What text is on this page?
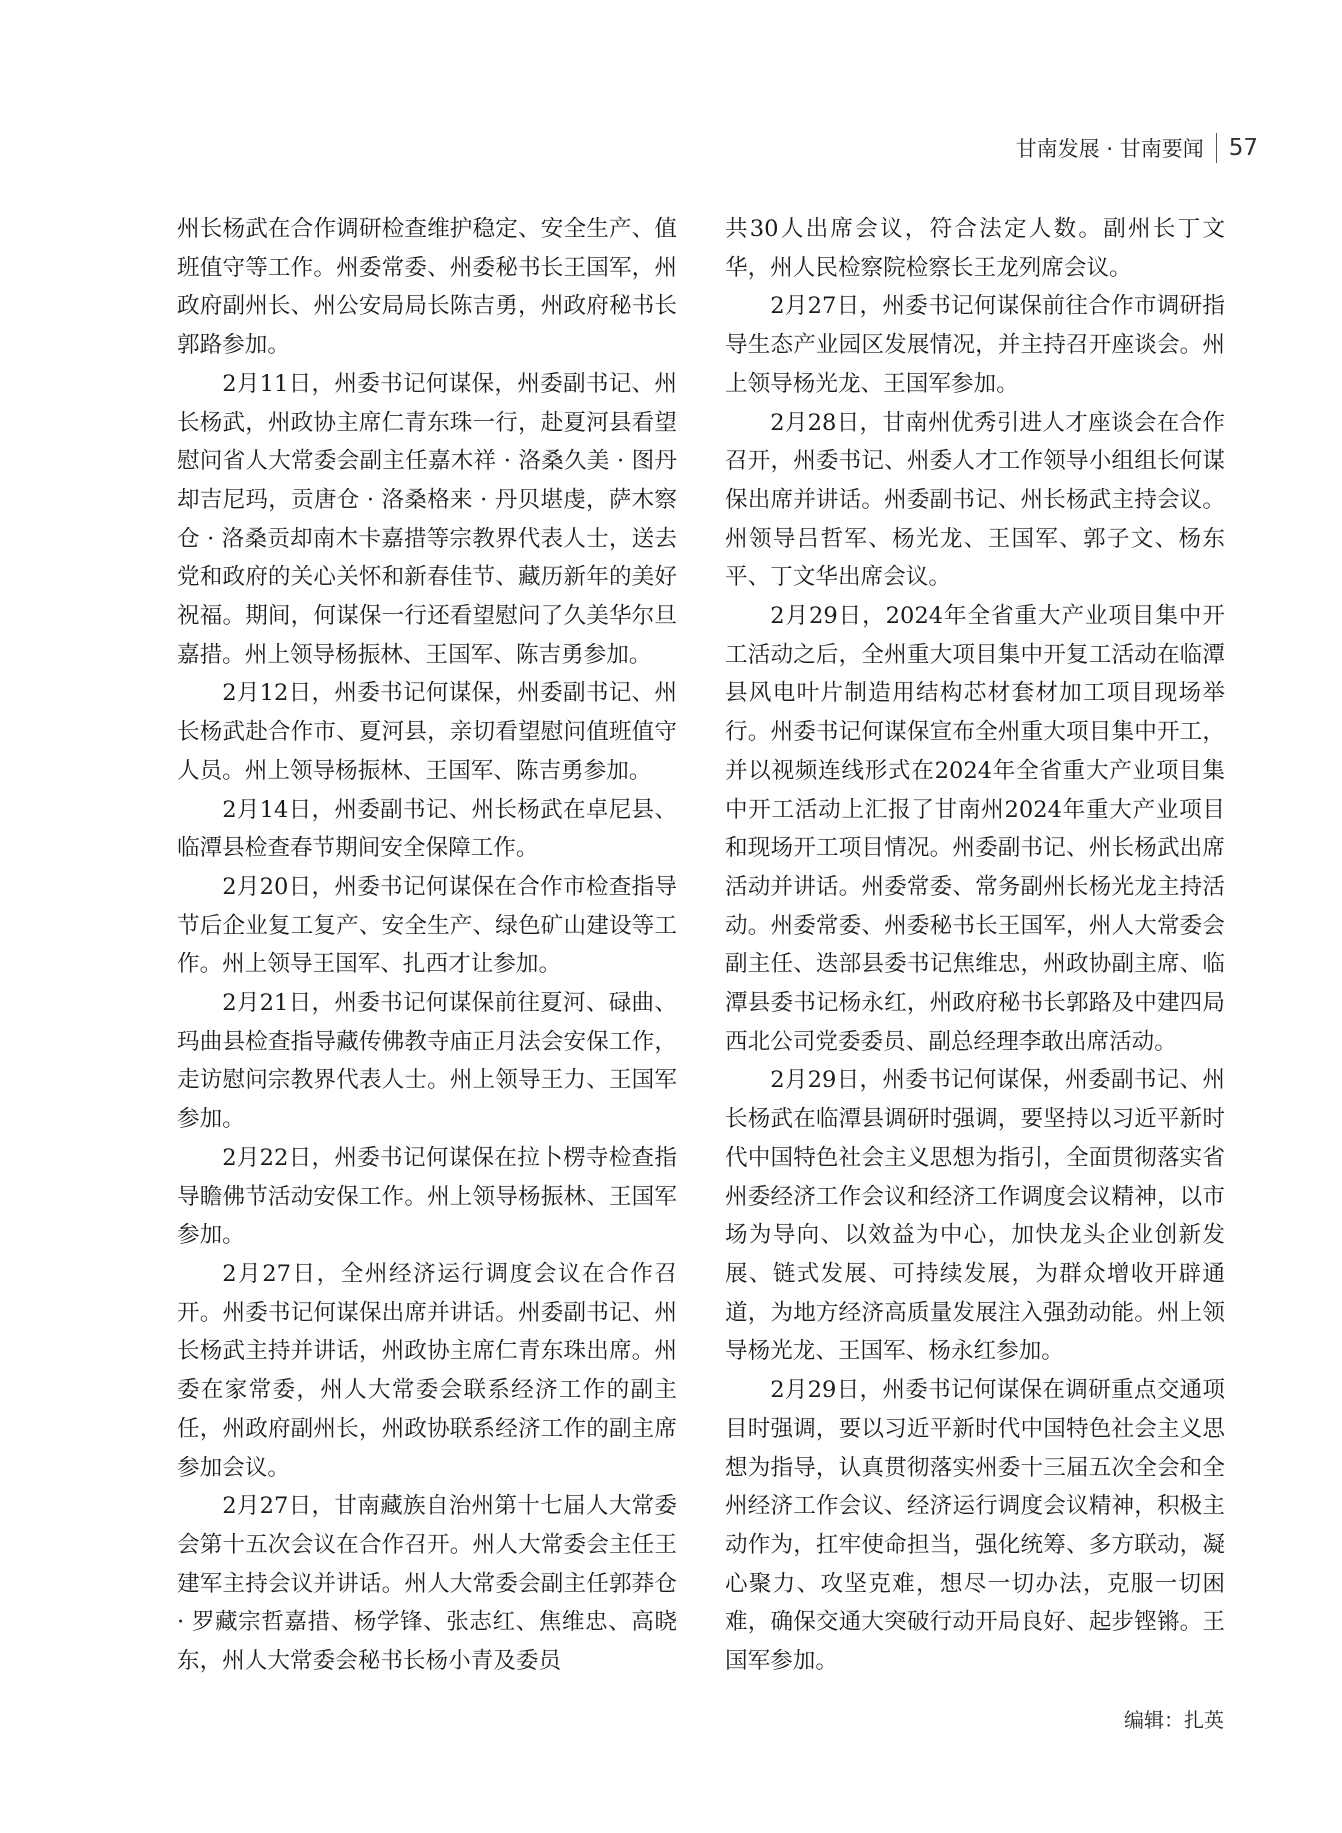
甘南发展 · 甘南要闻 57

州长杨武在合作调研检查维护稳定、安全生产、值班值守等工作。州委常委、州委秘书长王国军，州政府副州长、州公安局局长陈吉勇，州政府秘书长郭路参加。

2月11日，州委书记何谋保，州委副书记、州长杨武，州政协主席仁青东珠一行，赴夏河县看望慰问省人大常委会副主任嘉木祥 · 洛桑久美 · 图丹却吉尼玛，贡唐仓 · 洛桑格来 · 丹贝堪虔，萨木察仓 · 洛桑贡却南木卡嘉措等宗教界代表人士，送去党和政府的关心关怀和新春佳节、藏历新年的美好祝福。期间，何谋保一行还看望慰问了久美华尔旦嘉措。州上领导杨振林、王国军、陈吉勇参加。

2月12日，州委书记何谋保，州委副书记、州长杨武赴合作市、夏河县，亲切看望慰问值班值守人员。州上领导杨振林、王国军、陈吉勇参加。

2月14日，州委副书记、州长杨武在卓尼县、临潭县检查春节期间安全保障工作。

2月20日，州委书记何谋保在合作市检查指导节后企业复工复产、安全生产、绿色矿山建设等工作。州上领导王国军、扎西才让参加。

2月21日，州委书记何谋保前往夏河、碌曲、玛曲县检查指导藏传佛教寺庙正月法会安保工作，走访慰问宗教界代表人士。州上领导王力、王国军参加。

2月22日，州委书记何谋保在拉卜楞寺检查指导瞻佛节活动安保工作。州上领导杨振林、王国军参加。

2月27日，全州经济运行调度会议在合作召开。州委书记何谋保出席并讲话。州委副书记、州长杨武主持并讲话，州政协主席仁青东珠出席。州委在家常委，州人大常委会联系经济工作的副主任，州政府副州长，州政协联系经济工作的副主席参加会议。

2月27日，甘南藏族自治州第十七届人大常委会第十五次会议在合作召开。州人大常委会主任王建军主持会议并讲话。州人大常委会副主任郭莽仓 · 罗藏宗哲嘉措、杨学锋、张志红、焦维忠、高晓东，州人大常委会秘书长杨小青及委员

共30人出席会议，符合法定人数。副州长丁文华，州人民检察院检察长王龙列席会议。

2月27日，州委书记何谋保前往合作市调研指导生态产业园区发展情况，并主持召开座谈会。州上领导杨光龙、王国军参加。

2月28日，甘南州优秀引进人才座谈会在合作召开，州委书记、州委人才工作领导小组组长何谋保出席并讲话。州委副书记、州长杨武主持会议。州领导吕哲军、杨光龙、王国军、郭子文、杨东平、丁文华出席会议。

2月29日，2024年全省重大产业项目集中开工活动之后，全州重大项目集中开复工活动在临潭县风电叶片制造用结构芯材套材加工项目现场举行。州委书记何谋保宣布全州重大项目集中开工，并以视频连线形式在2024年全省重大产业项目集中开工活动上汇报了甘南州2024年重大产业项目和现场开工项目情况。州委副书记、州长杨武出席活动并讲话。州委常委、常务副州长杨光龙主持活动。州委常委、州委秘书长王国军，州人大常委会副主任、迭部县委书记焦维忠，州政协副主席、临潭县委书记杨永红，州政府秘书长郭路及中建四局西北公司党委委员、副总经理李敢出席活动。

2月29日，州委书记何谋保，州委副书记、州长杨武在临潭县调研时强调，要坚持以习近平新时代中国特色社会主义思想为指引，全面贯彻落实省州委经济工作会议和经济工作调度会议精神，以市场为导向、以效益为中心，加快龙头企业创新发展、链式发展、可持续发展，为群众增收开辟通道，为地方经济高质量发展注入强劲动能。州上领导杨光龙、王国军、杨永红参加。

2月29日，州委书记何谋保在调研重点交通项目时强调，要以习近平新时代中国特色社会主义思想为指导，认真贯彻落实州委十三届五次全会和全州经济工作会议、经济运行调度会议精神，积极主动作为，扛牢使命担当，强化统筹、多方联动，凝心聚力、攻坚克难，想尽一切办法，克服一切困难，确保交通大突破行动开局良好、起步铿锵。王国军参加。

编辑：扎英
